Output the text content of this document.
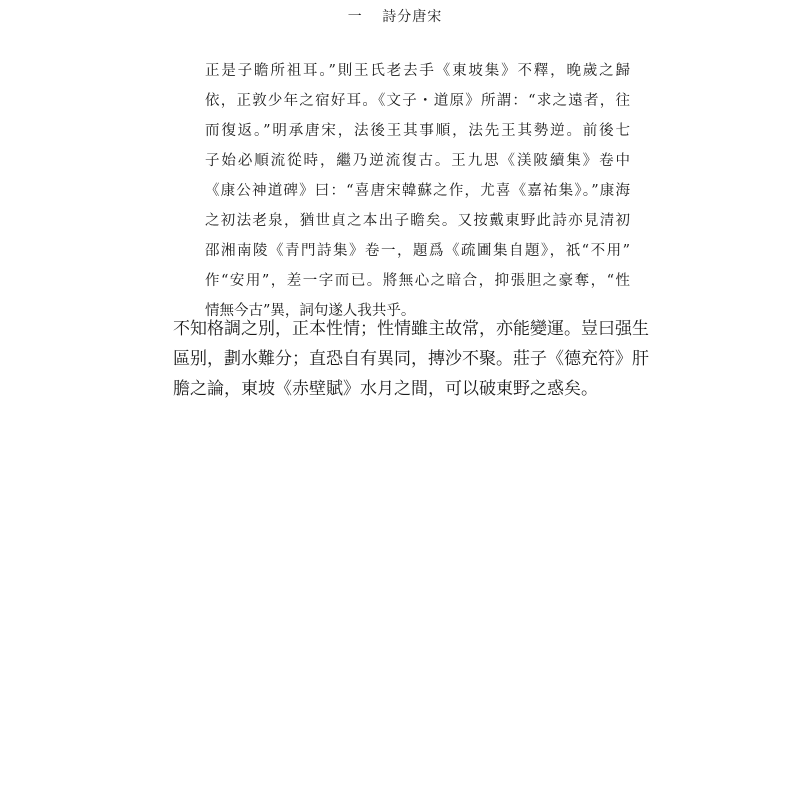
一 詩分唐宋
正是子瞻所祖耳。”則王氏老去手《東坡集》不釋，晚歲之歸
依，正敦少年之宿好耳。《文子・道原》所謂：“求之遠者，往
而復返。”明承唐宋，法後王其事順，法先王其勢逆。前後七
子始必順流從時，繼乃逆流復古。王九思《渼陂續集》卷中
《康公神道碑》曰：“喜唐宋韓蘇之作，尤喜《嘉祐集》。”康海
之初法老泉，猶世貞之本出子瞻矣。又按戴東野此詩亦見清初
邵湘南陵《青門詩集》卷一，題爲《疏圃集自題》，祇“不用”
作“安用”，差一字而已。將無心之暗合，抑張胆之豪奪，“性
情無今古”異，詞句遂人我共乎。
不知格調之別，正本性情；性情雖主故常，亦能變運。豈曰强生
區别，劃水難分；直恐自有異同，摶沙不聚。莊子《德充符》肝
膽之論，東坡《赤壁賦》水月之間，可以破東野之惑矣。
